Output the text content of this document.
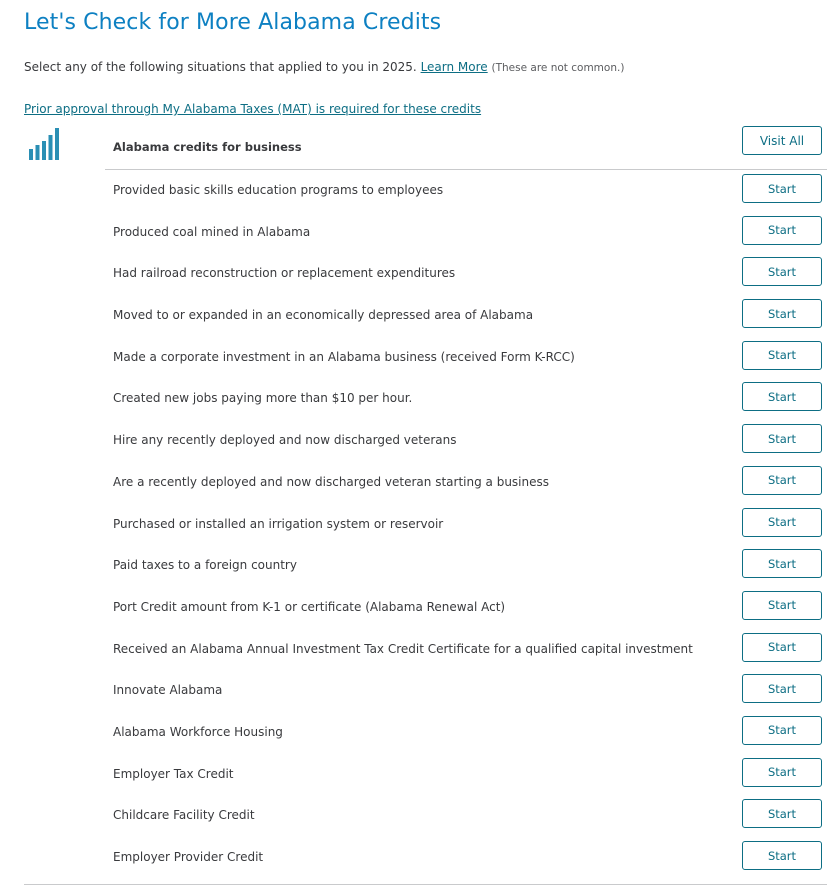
Let's Check for More Alabama Credits
Select any of the following situations that applied to you in 2025. Learn More (These are not common.)
Prior approval through My Alabama Taxes (MAT) is required for these credits
Alabama credits for business	Visit All
Provided basic skills education programs to employees	Start
Produced coal mined in Alabama	Start
Had railroad reconstruction or replacement expenditures	Start
Moved to or expanded in an economically depressed area of Alabama	Start
Made a corporate investment in an Alabama business (received Form K-RCC)	Start
Created new jobs paying more than $10 per hour.	Start
Hire any recently deployed and now discharged veterans	Start
Are a recently deployed and now discharged veteran starting a business	Start
Purchased or installed an irrigation system or reservoir	Start
Paid taxes to a foreign country	Start
Port Credit amount from K-1 or certificate (Alabama Renewal Act)	Start
Received an Alabama Annual Investment Tax Credit Certificate for a qualified capital investment	Start
Innovate Alabama	Start
Alabama Workforce Housing	Start
Employer Tax Credit	Start
Childcare Facility Credit	Start
Employer Provider Credit	Start
